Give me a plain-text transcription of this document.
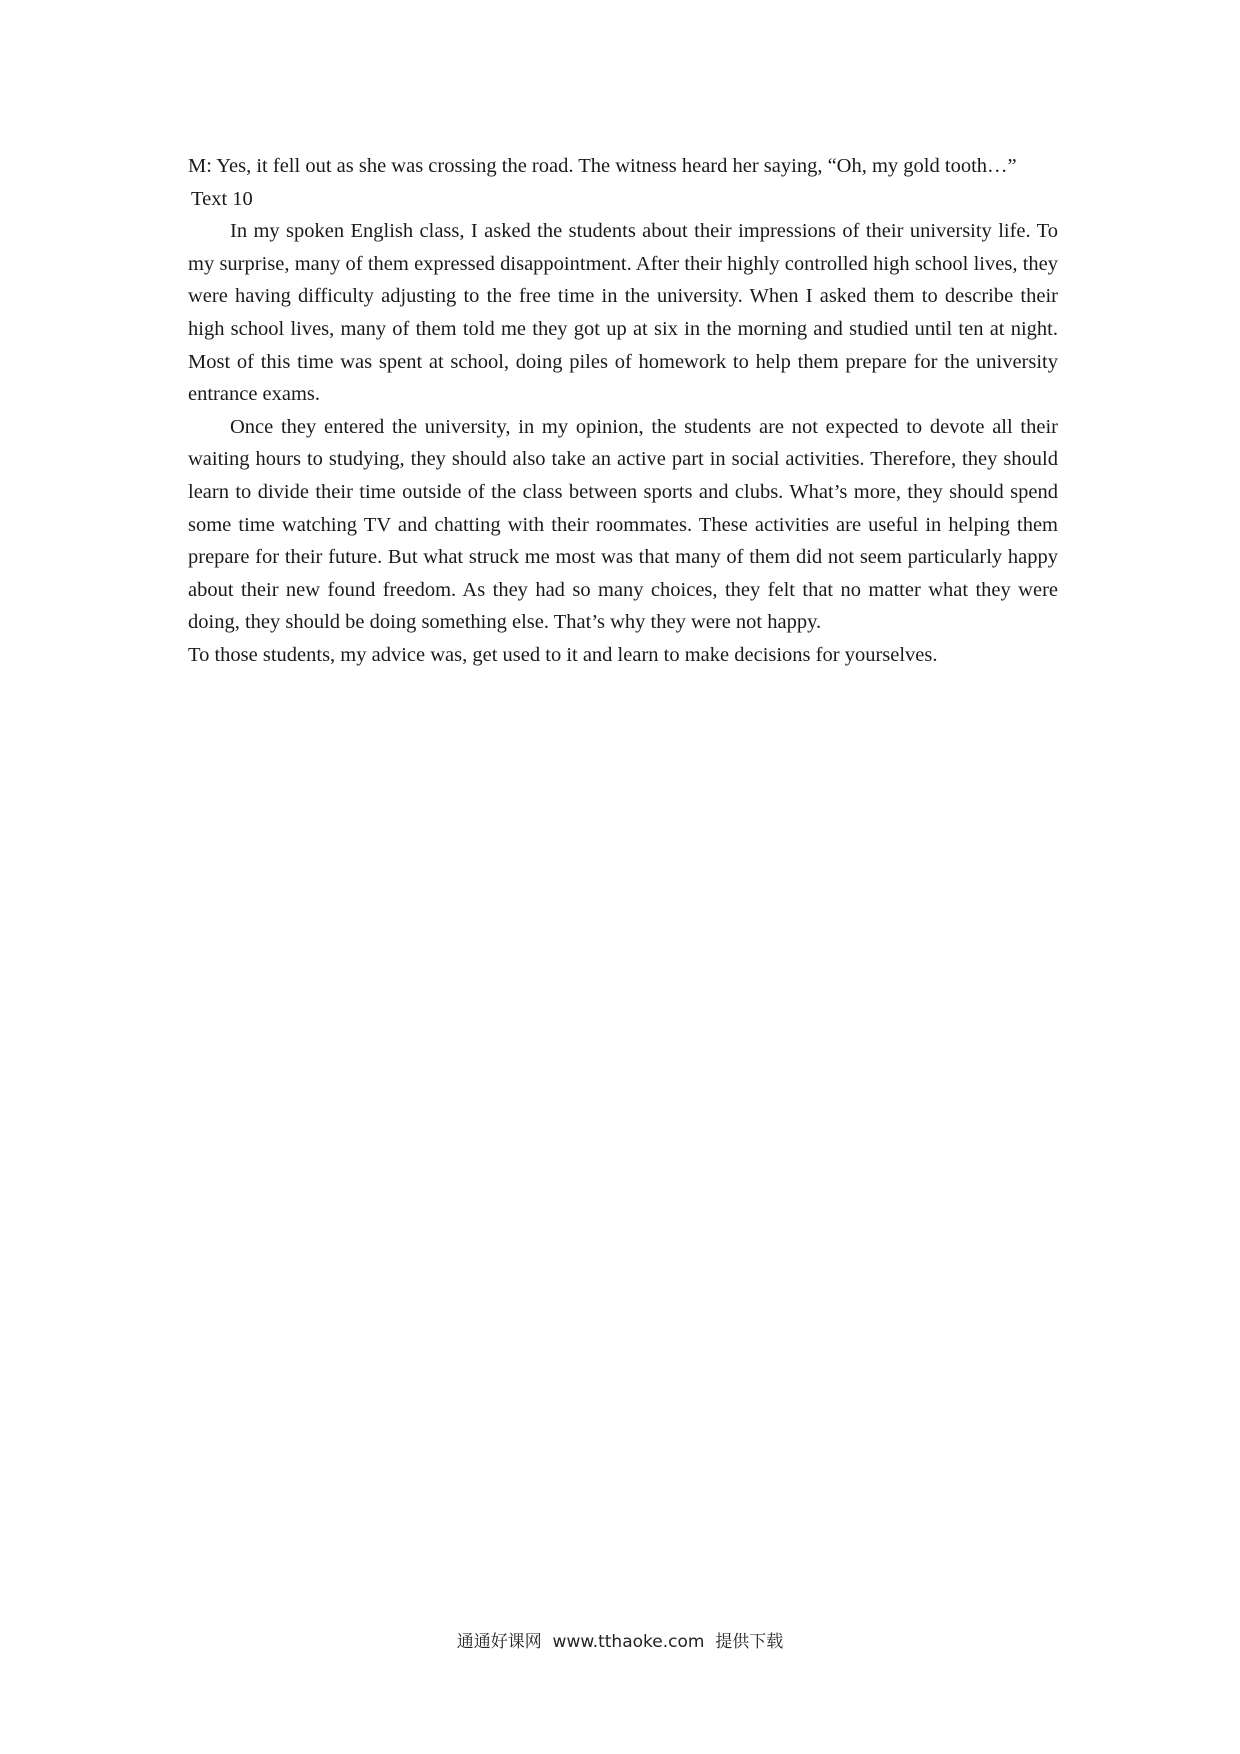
M: Yes, it fell out as she was crossing the road. The witness heard her saying, “Oh, my gold tooth…”

Text 10

In my spoken English class, I asked the students about their impressions of their university life. To my surprise, many of them expressed disappointment. After their highly controlled high school lives, they were having difficulty adjusting to the free time in the university. When I asked them to describe their high school lives, many of them told me they got up at six in the morning and studied until ten at night. Most of this time was spent at school, doing piles of homework to help them prepare for the university entrance exams.

Once they entered the university, in my opinion, the students are not expected to devote all their waiting hours to studying, they should also take an active part in social activities. Therefore, they should learn to divide their time outside of the class between sports and clubs. What’s more, they should spend some time watching TV and chatting with their roommates. These activities are useful in helping them prepare for their future. But what struck me most was that many of them did not seem particularly happy about their new found freedom. As they had so many choices, they felt that no matter what they were doing, they should be doing something else. That’s why they were not happy.

To those students, my advice was, get used to it and learn to make decisions for yourselves.

通通好课网  www.tthaoke.com  提供下载
